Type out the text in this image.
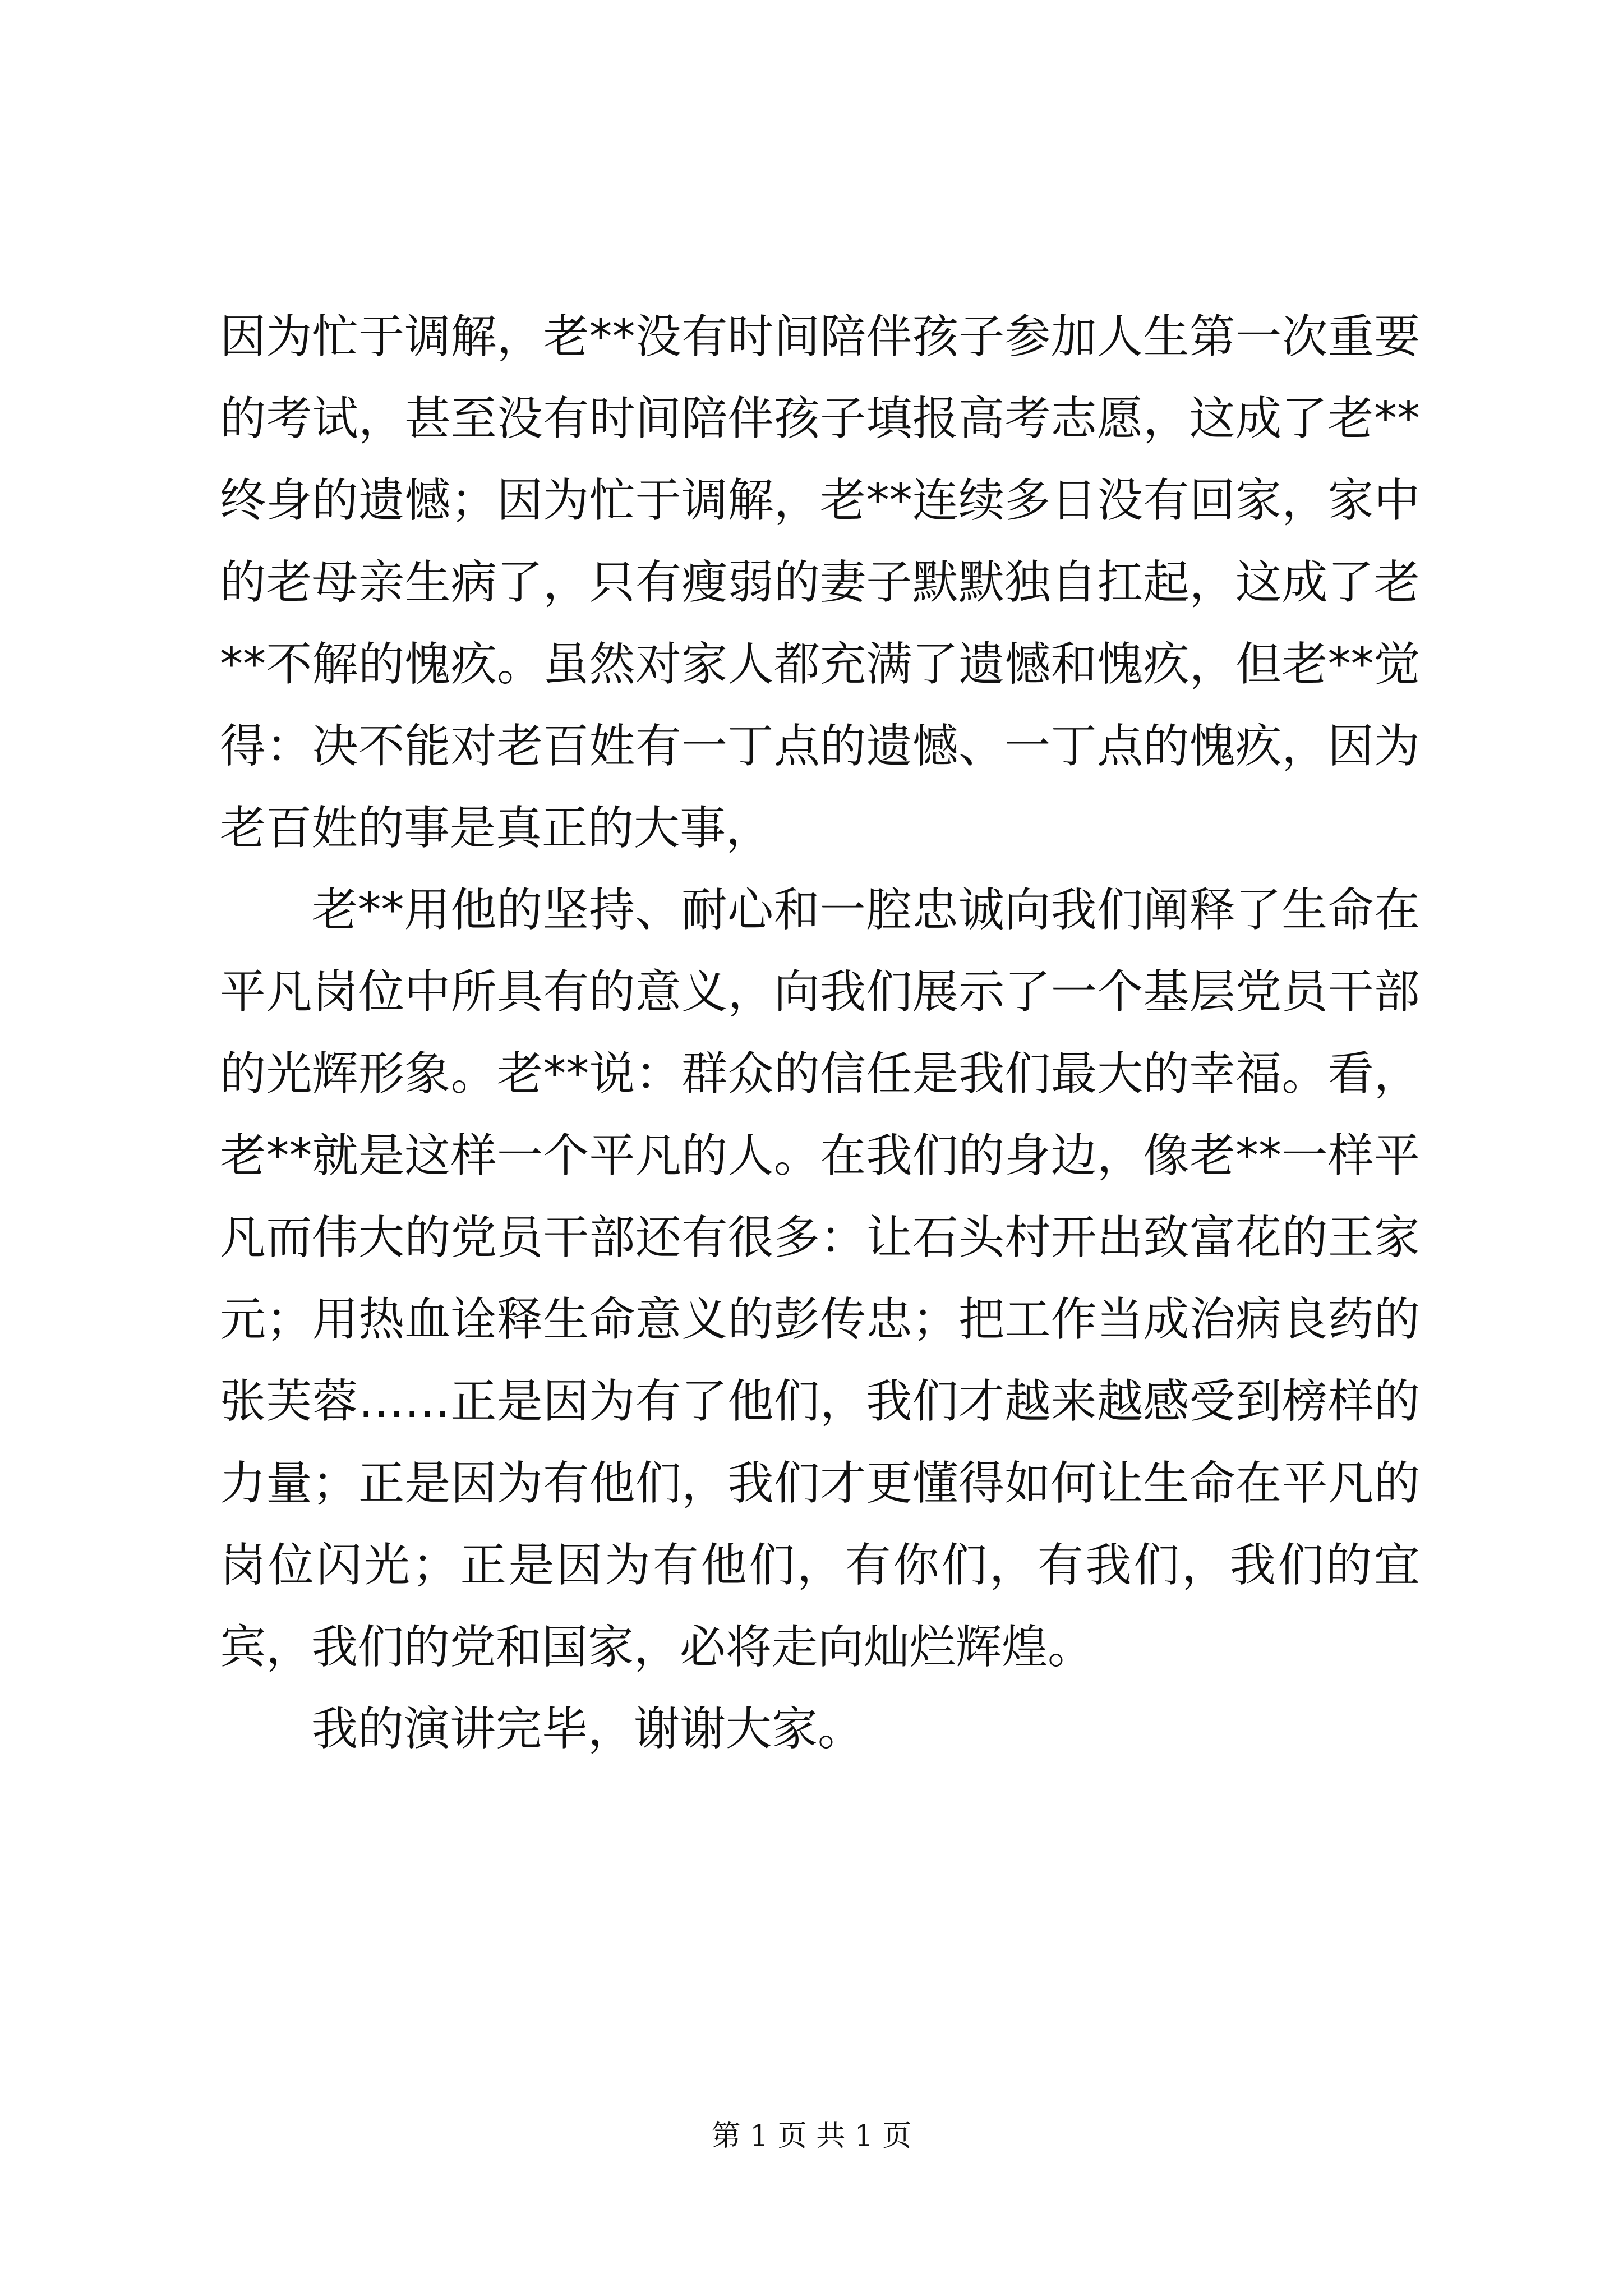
因为忙于调解，老**没有时间陪伴孩子参加人生第一次重要的考试，甚至没有时间陪伴孩子填报高考志愿，这成了老**终身的遗憾；因为忙于调解，老**连续多日没有回家，家中的老母亲生病了，只有瘦弱的妻子默默独自扛起，这成了老**不解的愧疚。虽然对家人都充满了遗憾和愧疚，但老**觉得：决不能对老百姓有一丁点的遗憾、一丁点的愧疚，因为老百姓的事是真正的大事，

老**用他的坚持、耐心和一腔忠诚向我们阐释了生命在平凡岗位中所具有的意义，向我们展示了一个基层党员干部的光辉形象。老**说：群众的信任是我们最大的幸福。看，老**就是这样一个平凡的人。在我们的身边，像老**一样平凡而伟大的党员干部还有很多：让石头村开出致富花的王家元；用热血诠释生命意义的彭传忠；把工作当成治病良药的张芙蓉……正是因为有了他们，我们才越来越感受到榜样的力量；正是因为有他们，我们才更懂得如何让生命在平凡的岗位闪光；正是因为有他们，有你们，有我们，我们的宜宾，我们的党和国家，必将走向灿烂辉煌。

我的演讲完毕，谢谢大家。

第 1 页 共 1 页
